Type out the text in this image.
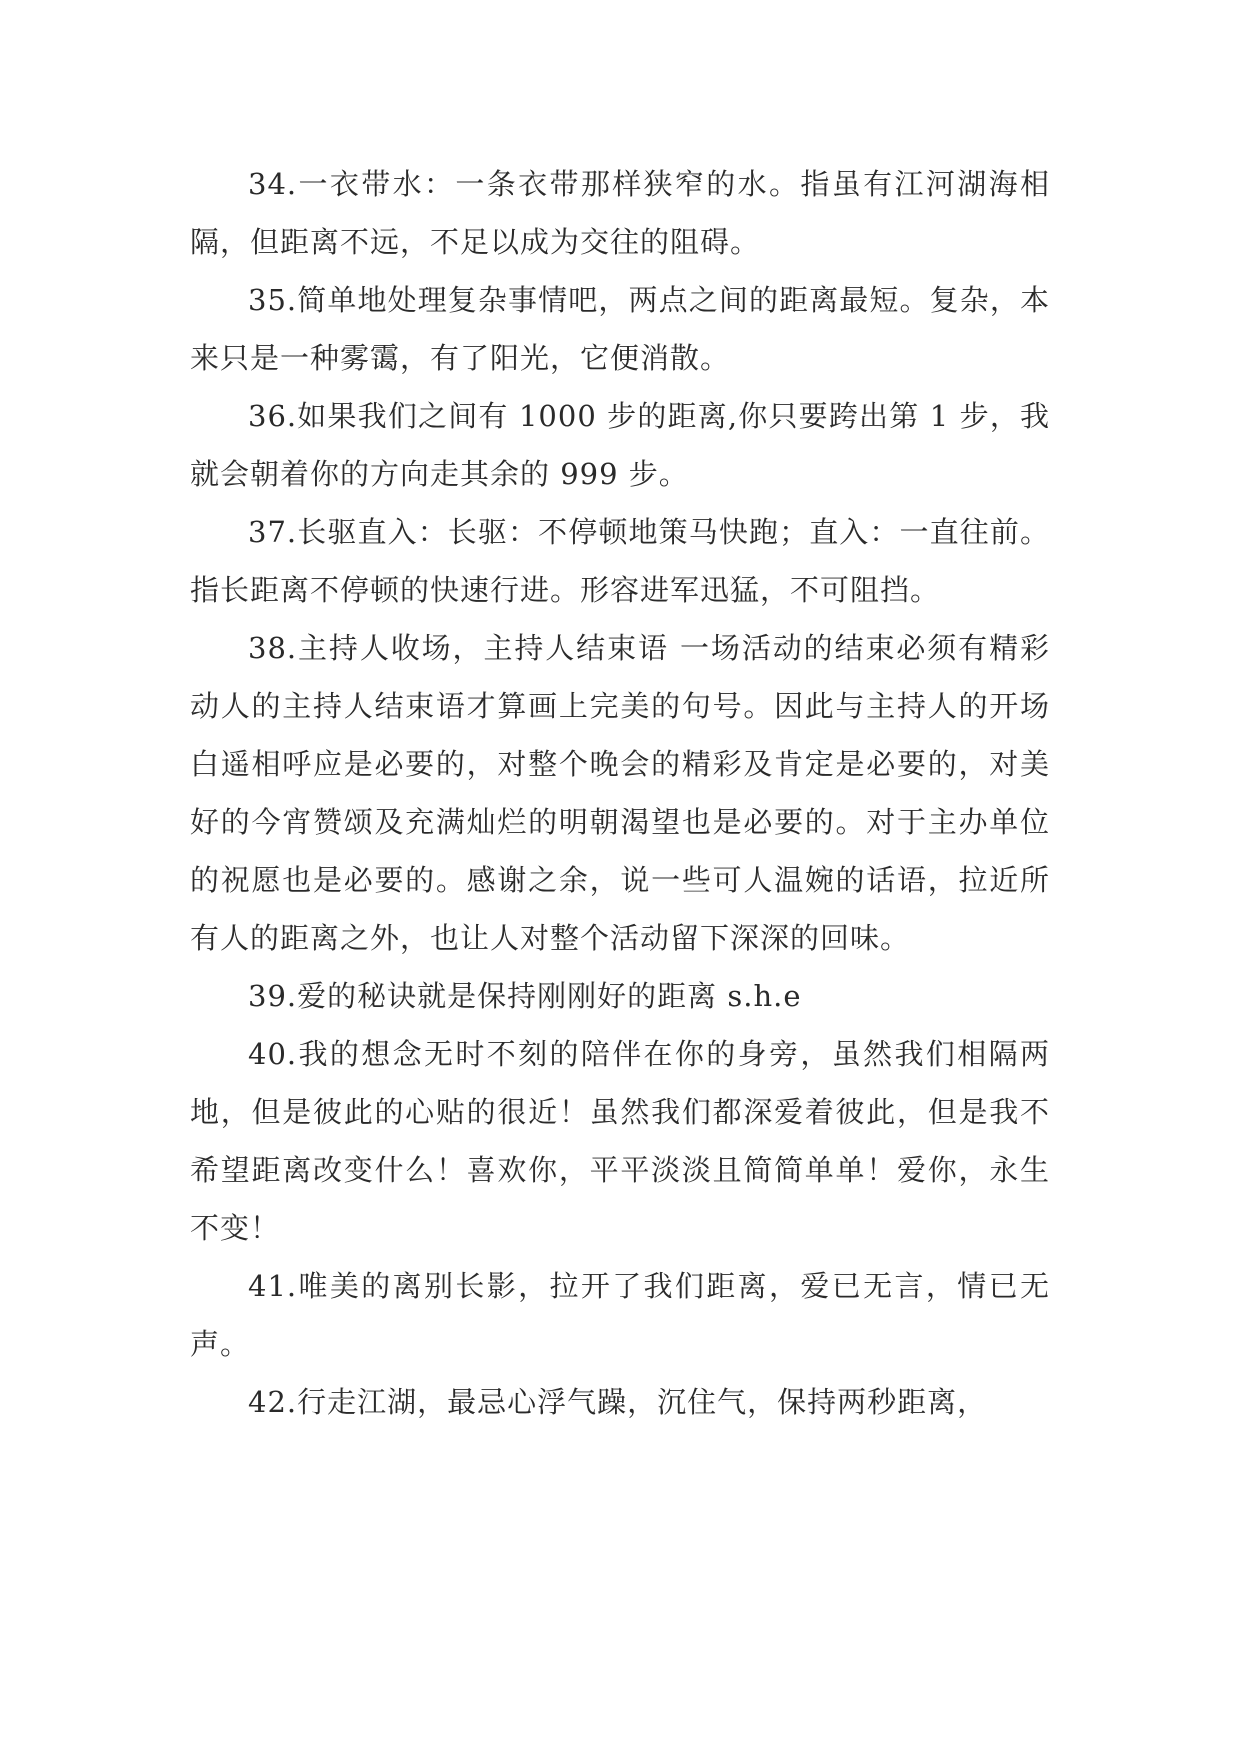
34.一衣带水：一条衣带那样狭窄的水。指虽有江河湖海相隔，但距离不远，不足以成为交往的阻碍。

35.简单地处理复杂事情吧，两点之间的距离最短。复杂，本来只是一种雾霭，有了阳光，它便消散。

36.如果我们之间有 1000 步的距离,你只要跨出第 1 步，我就会朝着你的方向走其余的 999 步。

37.长驱直入：长驱：不停顿地策马快跑；直入：一直往前。指长距离不停顿的快速行进。形容进军迅猛，不可阻挡。

38.主持人收场，主持人结束语 一场活动的结束必须有精彩动人的主持人结束语才算画上完美的句号。因此与主持人的开场白遥相呼应是必要的，对整个晚会的精彩及肯定是必要的，对美好的今宵赞颂及充满灿烂的明朝渴望也是必要的。对于主办单位的祝愿也是必要的。感谢之余，说一些可人温婉的话语，拉近所有人的距离之外，也让人对整个活动留下深深的回味。

39.爱的秘诀就是保持刚刚好的距离 s.h.e

40.我的想念无时不刻的陪伴在你的身旁，虽然我们相隔两地，但是彼此的心贴的很近！虽然我们都深爱着彼此，但是我不希望距离改变什么！喜欢你，平平淡淡且简简单单！爱你，永生不变！

41.唯美的离别长影，拉开了我们距离，爱已无言，情已无声。

42.行走江湖，最忌心浮气躁，沉住气，保持两秒距离，
